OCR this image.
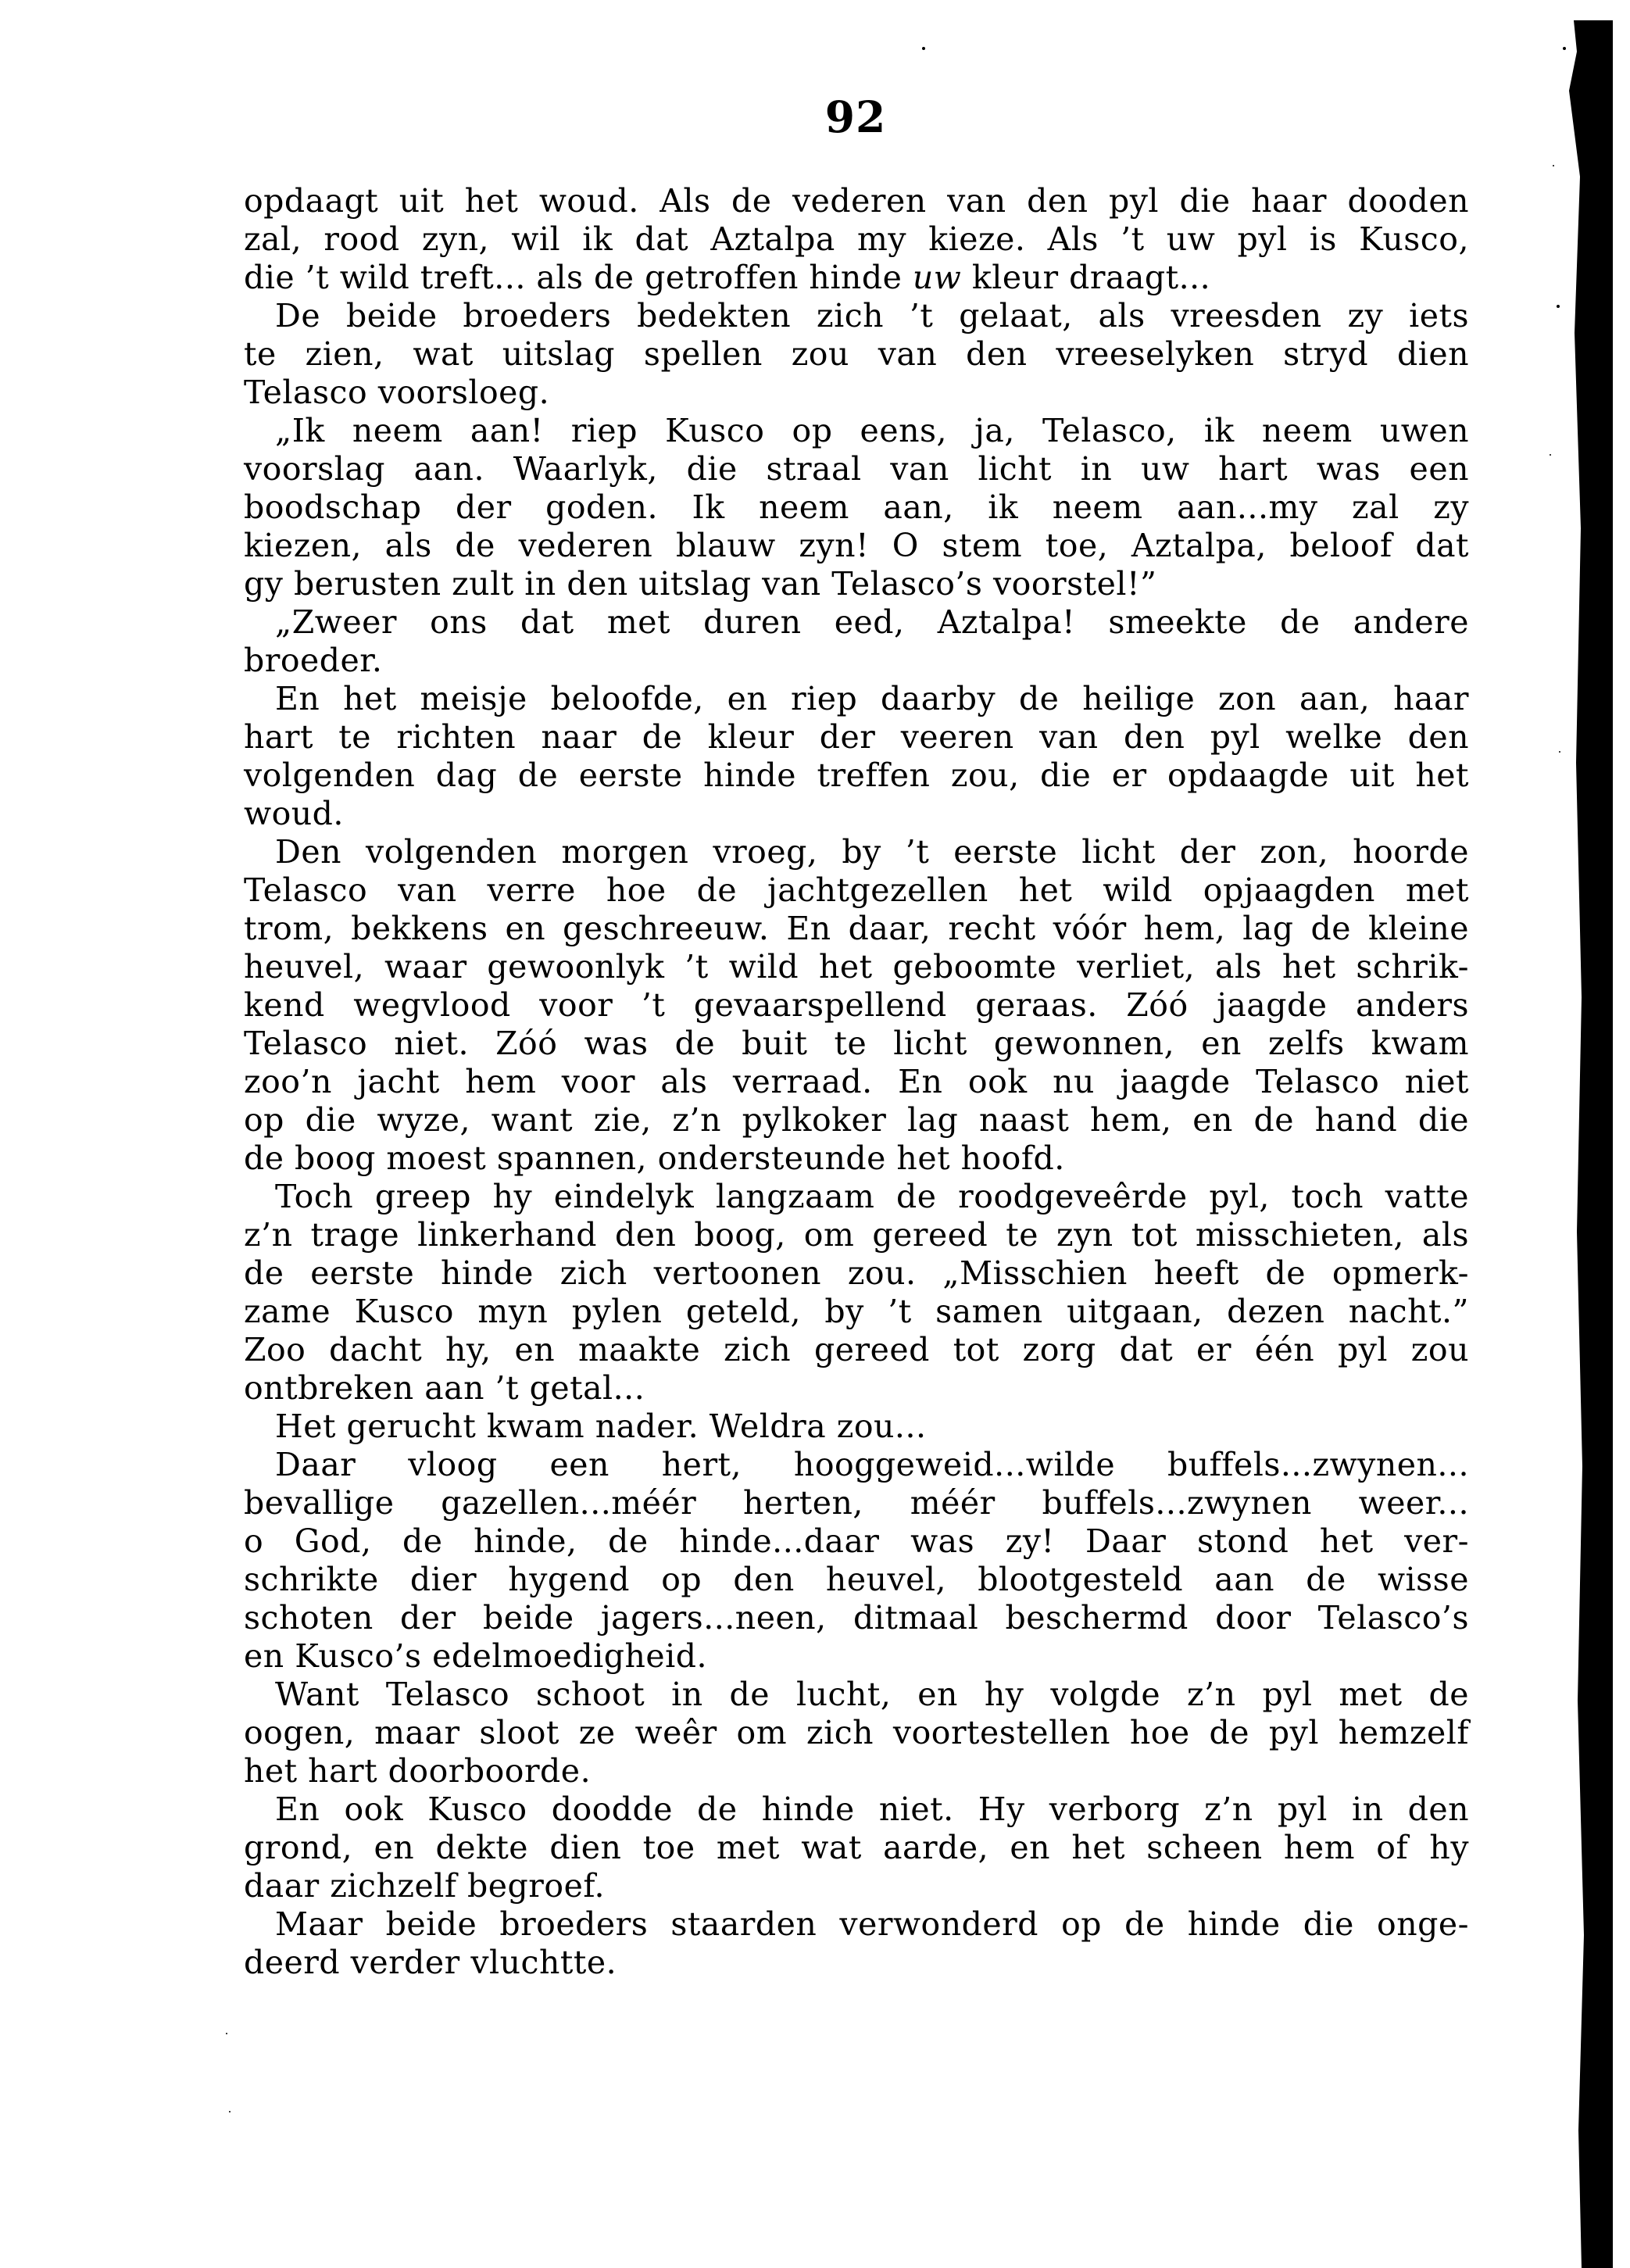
92
opdaagt uit het woud. Als de vederen van den pyl die haar dooden
zal, rood zyn, wil ik dat Aztalpa my kieze. Als ’t uw pyl is Kusco,
die ’t wild treft... als de getroffen hinde uw kleur draagt...
De beide broeders bedekten zich ’t gelaat, als vreesden zy iets
te zien, wat uitslag spellen zou van den vreeselyken stryd dien
Telasco voorsloeg.
„Ik neem aan! riep Kusco op eens, ja, Telasco, ik neem uwen
voorslag aan. Waarlyk, die straal van licht in uw hart was een
boodschap der goden. Ik neem aan, ik neem aan...my zal zy
kiezen, als de vederen blauw zyn! O stem toe, Aztalpa, beloof dat
gy berusten zult in den uitslag van Telasco’s voorstel!”
„Zweer ons dat met duren eed, Aztalpa! smeekte de andere
broeder.
En het meisje beloofde, en riep daarby de heilige zon aan, haar
hart te richten naar de kleur der veeren van den pyl welke den
volgenden dag de eerste hinde treffen zou, die er opdaagde uit het
woud.
Den volgenden morgen vroeg, by ’t eerste licht der zon, hoorde
Telasco van verre hoe de jachtgezellen het wild opjaagden met
trom, bekkens en geschreeuw. En daar, recht vóór hem, lag de kleine
heuvel, waar gewoonlyk ’t wild het geboomte verliet, als het schrik-
kend wegvlood voor ’t gevaarspellend geraas. Zóó jaagde anders
Telasco niet. Zóó was de buit te licht gewonnen, en zelfs kwam
zoo’n jacht hem voor als verraad. En ook nu jaagde Telasco niet
op die wyze, want zie, z’n pylkoker lag naast hem, en de hand die
de boog moest spannen, ondersteunde het hoofd.
Toch greep hy eindelyk langzaam de roodgeveêrde pyl, toch vatte
z’n trage linkerhand den boog, om gereed te zyn tot misschieten, als
de eerste hinde zich vertoonen zou. „Misschien heeft de opmerk-
zame Kusco myn pylen geteld, by ’t samen uitgaan, dezen nacht.”
Zoo dacht hy, en maakte zich gereed tot zorg dat er één pyl zou
ontbreken aan ’t getal...
Het gerucht kwam nader. Weldra zou...
Daar vloog een hert, hooggeweid...wilde buffels...zwynen...
bevallige gazellen...méér herten, méér buffels...zwynen weer...
o God, de hinde, de hinde...daar was zy! Daar stond het ver-
schrikte dier hygend op den heuvel, blootgesteld aan de wisse
schoten der beide jagers...neen, ditmaal beschermd door Telasco’s
en Kusco’s edelmoedigheid.
Want Telasco schoot in de lucht, en hy volgde z’n pyl met de
oogen, maar sloot ze weêr om zich voortestellen hoe de pyl hemzelf
het hart doorboorde.
En ook Kusco doodde de hinde niet. Hy verborg z’n pyl in den
grond, en dekte dien toe met wat aarde, en het scheen hem of hy
daar zichzelf begroef.
Maar beide broeders staarden verwonderd op de hinde die onge-
deerd verder vluchtte.
